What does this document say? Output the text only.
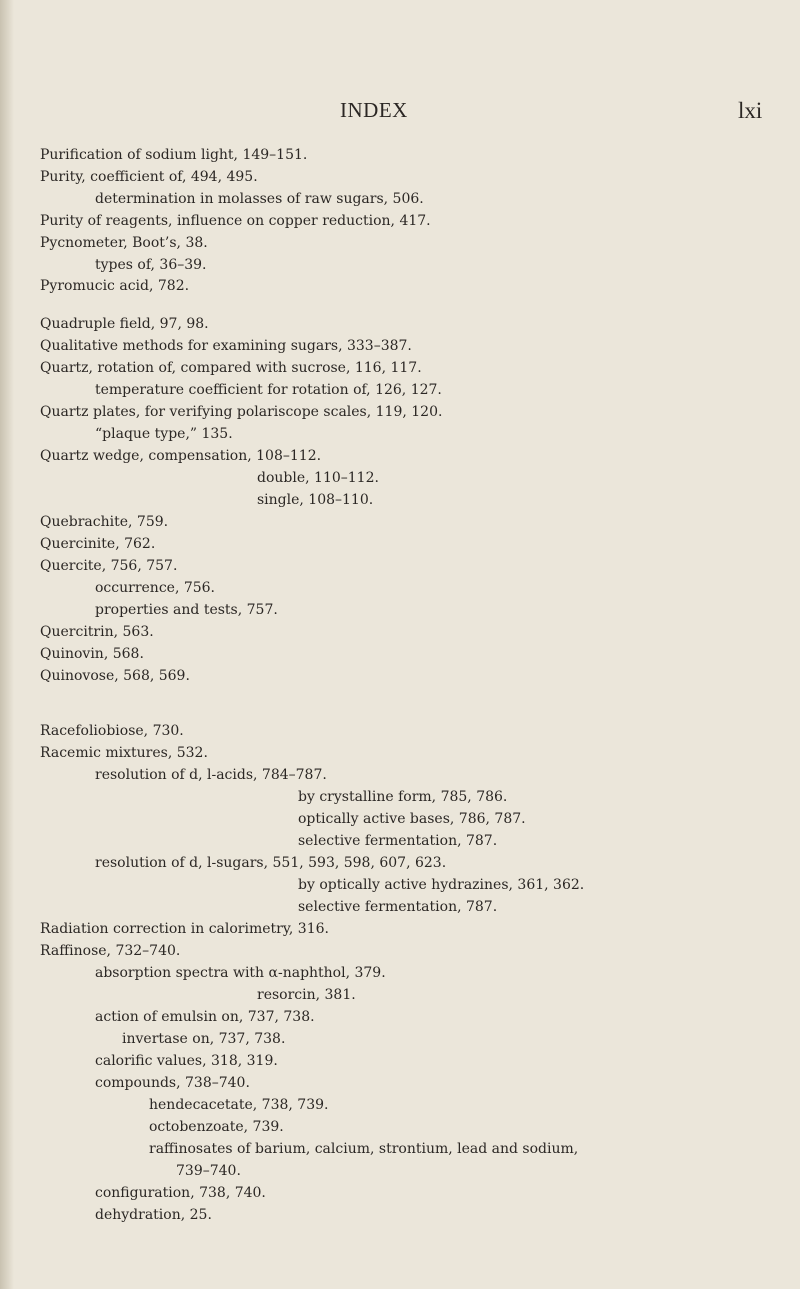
INDEX	lxi
Purification of sodium light, 149–151.
Purity, coefficient of, 494, 495.
determination in molasses of raw sugars, 506.
Purity of reagents, influence on copper reduction, 417.
Pycnometer, Boot’s, 38.
types of, 36–39.
Pyromucic acid, 782.
Quadruple field, 97, 98.
Qualitative methods for examining sugars, 333–387.
Quartz, rotation of, compared with sucrose, 116, 117.
temperature coefficient for rotation of, 126, 127.
Quartz plates, for verifying polariscope scales, 119, 120.
“plaque type,” 135.
Quartz wedge, compensation, 108–112.
double, 110–112.
single, 108–110.
Quebrachite, 759.
Quercinite, 762.
Quercite, 756, 757.
occurrence, 756.
properties and tests, 757.
Quercitrin, 563.
Quinovin, 568.
Quinovose, 568, 569.
Racefoliobiose, 730.
Racemic mixtures, 532.
resolution of d, l-acids, 784–787.
by crystalline form, 785, 786.
optically active bases, 786, 787.
selective fermentation, 787.
resolution of d, l-sugars, 551, 593, 598, 607, 623.
by optically active hydrazines, 361, 362.
selective fermentation, 787.
Radiation correction in calorimetry, 316.
Raffinose, 732–740.
absorption spectra with α-naphthol, 379.
resorcin, 381.
action of emulsin on, 737, 738.
invertase on, 737, 738.
calorific values, 318, 319.
compounds, 738–740.
hendecacetate, 738, 739.
octobenzoate, 739.
raffinosates of barium, calcium, strontium, lead and sodium,
739–740.
configuration, 738, 740.
dehydration, 25.
